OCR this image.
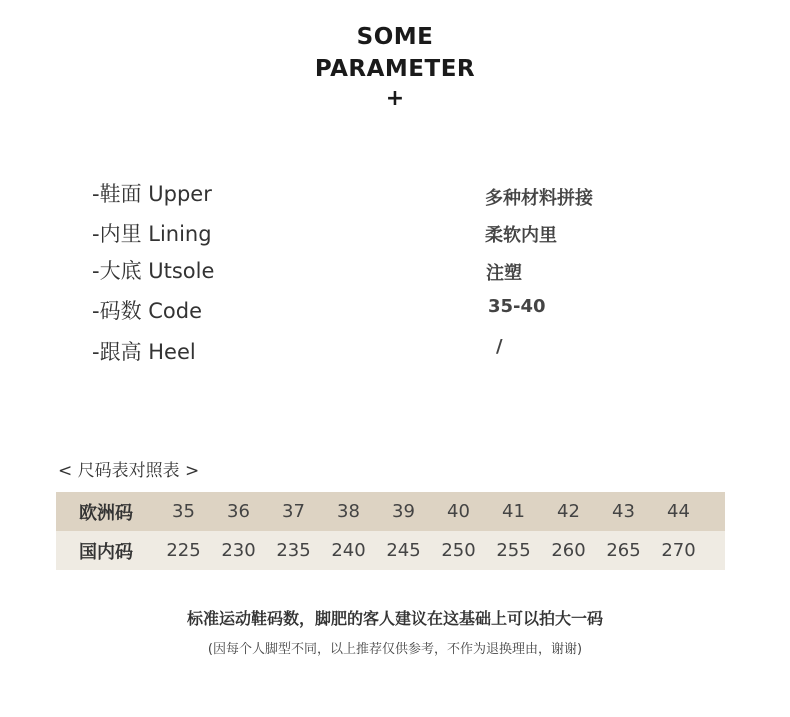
SOME
PARAMETER
+
-鞋面 Upper	多种材料拼接
-内里 Lining	柔软内里
-大底 Utsole	注塑
-码数 Code	35-40
-跟高 Heel	/
< 尺码表对照表 >
欧洲码	35	36	37	38	39	40	41	42	43	44	
国内码	225	230	235	240	245	250	255	260	265	270	
标准运动鞋码数，脚肥的客人建议在这基础上可以拍大一码
(因每个人脚型不同，以上推荐仅供参考，不作为退换理由，谢谢)
